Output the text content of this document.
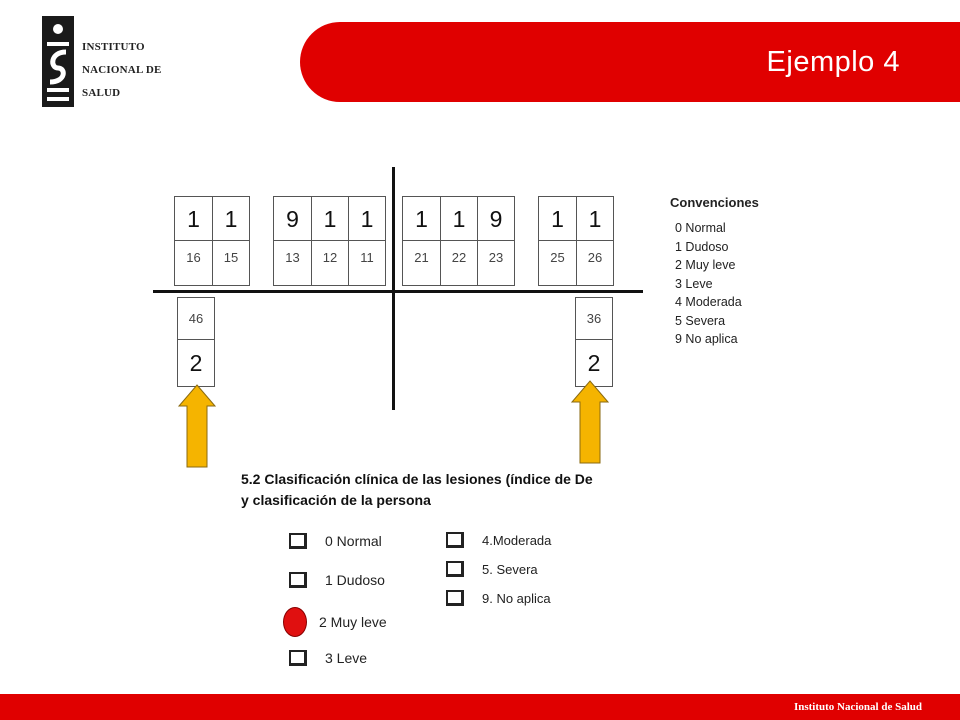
INSTITUTO
NACIONAL DE
SALUD
Ejemplo 4
1
16
1
15
9
13
1
12
1
11
1
21
1
22
9
23
1
25
1
26
46
2
36
2
Convenciones
0 Normal
1 Dudoso
2 Muy leve
3 Leve
4 Moderada
5 Severa
9 No aplica
5.2 Clasificación clínica de las lesiones (índice de De
y clasificación de la persona
0 Normal
1 Dudoso
2 Muy leve
3 Leve
4.Moderada
5. Severa
9. No aplica
Instituto Nacional de Salud
